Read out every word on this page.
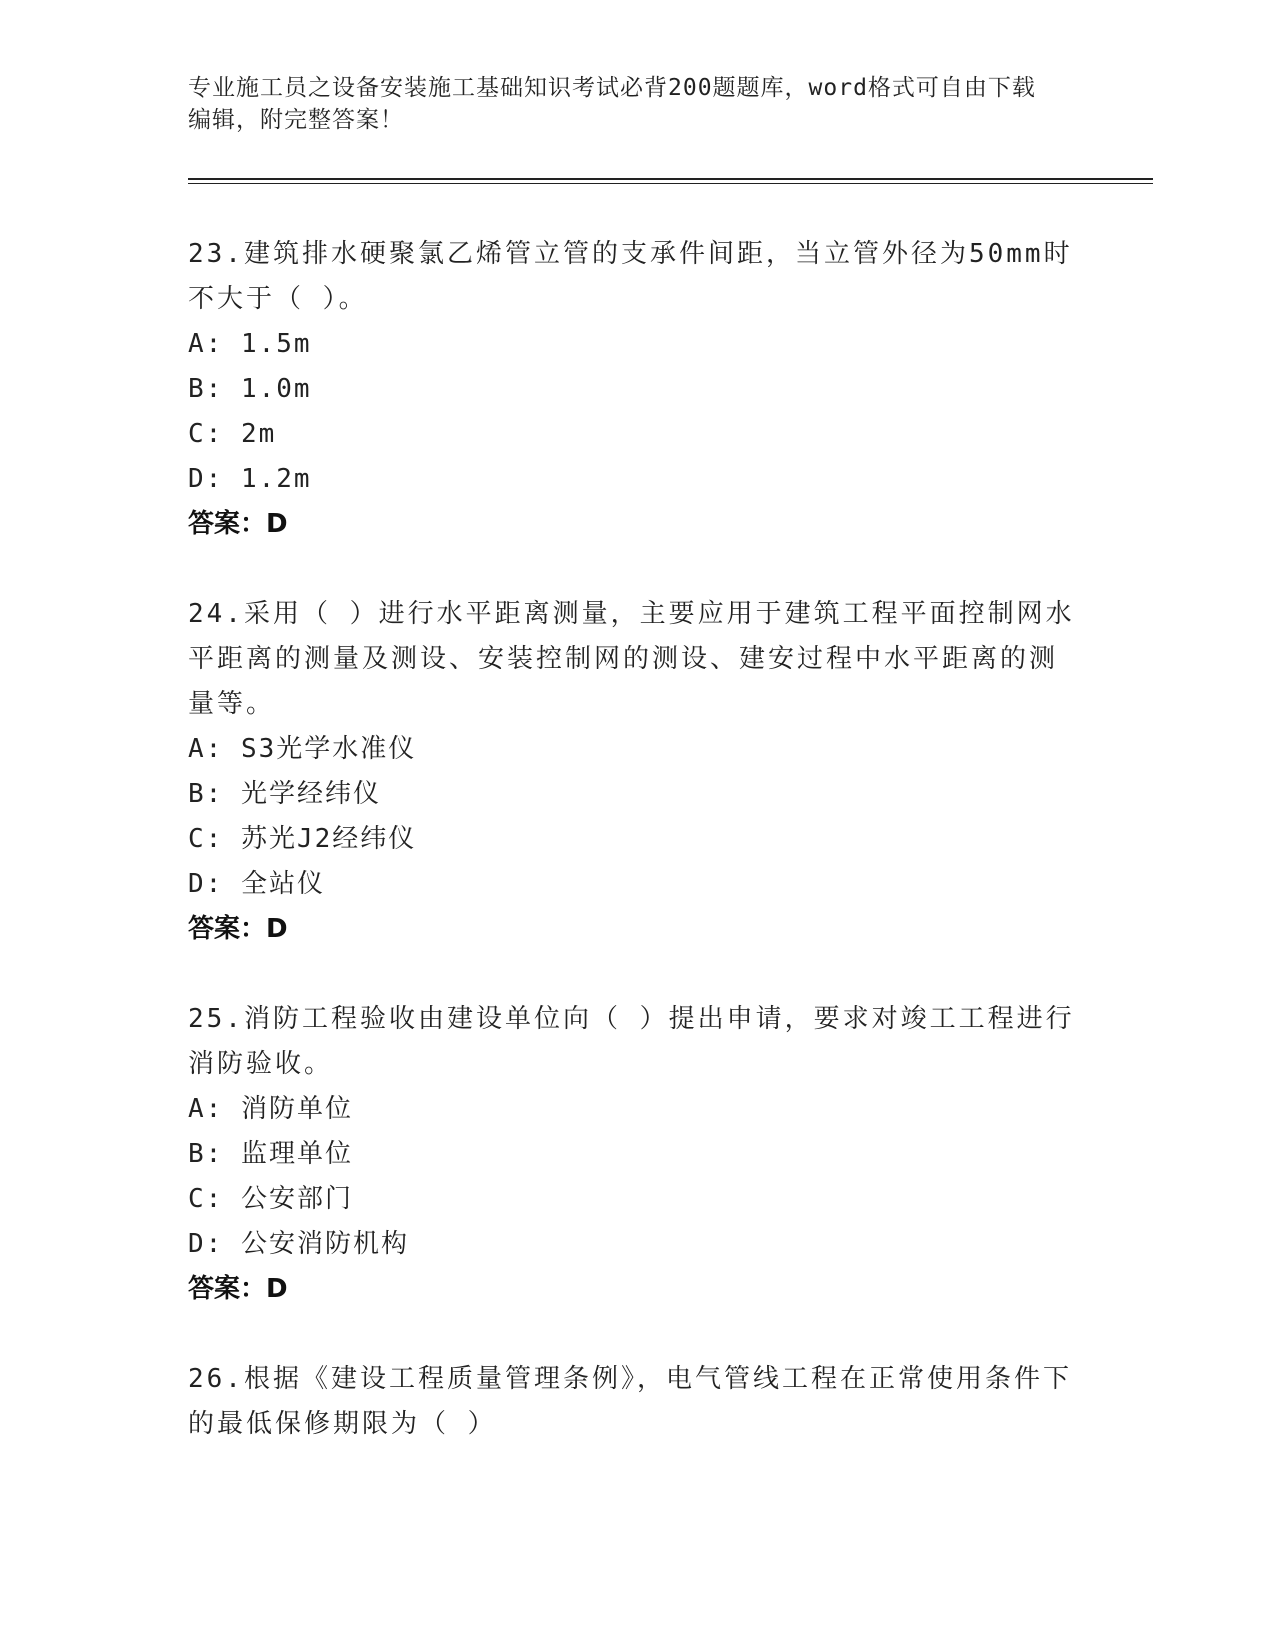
专业施工员之设备安装施工基础知识考试必背200题题库，word格式可自由下载
编辑，附完整答案！
23.建筑排水硬聚氯乙烯管立管的支承件间距，当立管外径为50mm时
不大于（ ）。
A: 1.5m
B: 1.0m
C: 2m
D: 1.2m
答案：D
24.采用（ ）进行水平距离测量，主要应用于建筑工程平面控制网水
平距离的测量及测设、安装控制网的测设、建安过程中水平距离的测
量等。
A: S3光学水准仪
B: 光学经纬仪
C: 苏光J2经纬仪
D: 全站仪
答案：D
25.消防工程验收由建设单位向（ ）提出申请，要求对竣工工程进行
消防验收。
A: 消防单位
B: 监理单位
C: 公安部门
D: 公安消防机构
答案：D
26.根据《建设工程质量管理条例》，电气管线工程在正常使用条件下
的最低保修期限为（ ）
